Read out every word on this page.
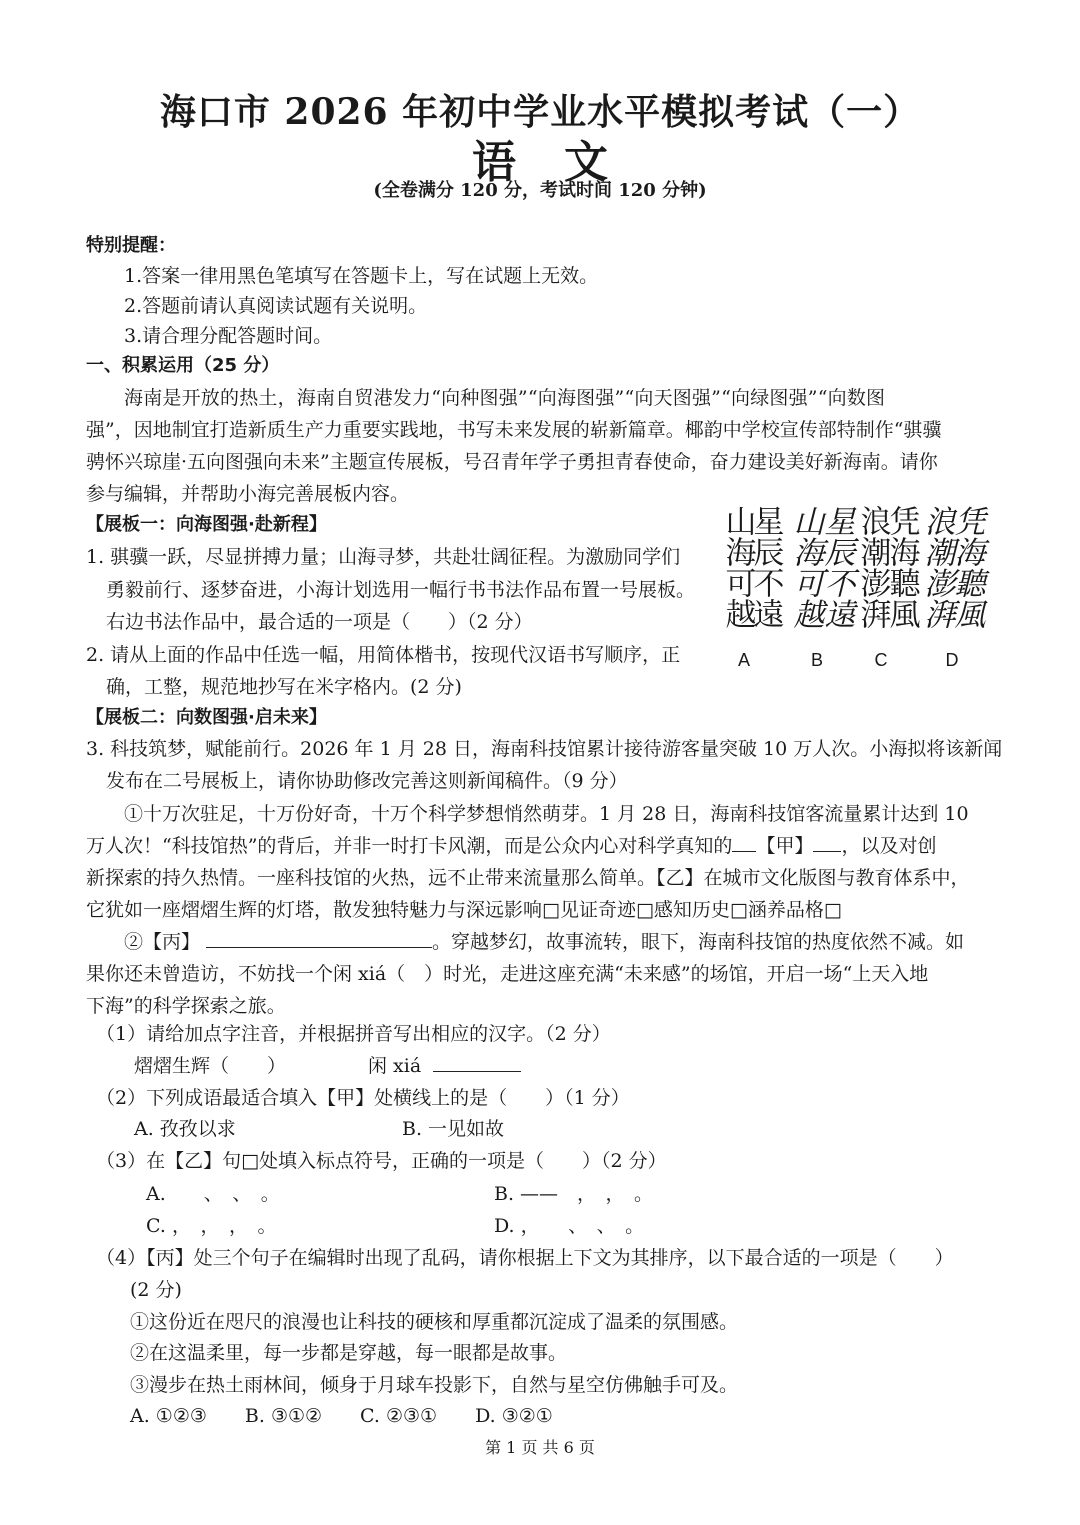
海口市 2026 年初中学业水平模拟考试（一）
语文
(全卷满分 120 分，考试时间 120 分钟)
特别提醒：
1.答案一律用黑色笔填写在答题卡上，写在试题上无效。
2.答题前请认真阅读试题有关说明。
3.请合理分配答题时间。
一、积累运用（25 分）
海南是开放的热土，海南自贸港发力“向种图强”“向海图强”“向天图强”“向绿图强”“向数图
强”，因地制宜打造新质生产力重要实践地，书写未来发展的崭新篇章。椰韵中学校宣传部特制作“骐骥
骋怀兴琼崖·五向图强向未来”主题宣传展板，号召青年学子勇担青春使命，奋力建设美好新海南。请你
参与编辑，并帮助小海完善展板内容。
【展板一：向海图强·赴新程】
1. 骐骥一跃，尽显拼搏力量；山海寻梦，共赴壮阔征程。为激励同学们
勇毅前行、逐梦奋进，小海计划选用一幅行书书法作品布置一号展板。
右边书法作品中，最合适的一项是（　　）（2 分）
2. 请从上面的作品中任选一幅，用简体楷书，按现代汉语书写顺序，正
确，工整，规范地抄写在米字格内。(2 分)
山海可越
星辰不遠 山海可越
星辰不遠 浪潮澎湃
凭海聽風 浪潮澎湃
凭海聽風
A	B	C	D
【展板二：向数图强·启未来】
3. 科技筑梦，赋能前行。2026 年 1 月 28 日，海南科技馆累计接待游客量突破 10 万人次。小海拟将该新闻
发布在二号展板上，请你协助修改完善这则新闻稿件。（9 分）
①十万次驻足，十万份好奇，十万个科学梦想悄然萌芽。1 月 28 日，海南科技馆客流量累计达到 10
万人次！“科技馆热”的背后，并非一时打卡风潮，而是公众内心对科学真知的 【甲】 ，以及对创
新探索的持久热情。一座科技馆的火热，远不止带来流量那么简单。【乙】在城市文化版图与教育体系中，
它犹如一座熠熠生辉的灯塔，散发独特魅力与深远影响□见证奇迹□感知历史□涵养品格□
②【丙】	。穿越梦幻，故事流转，眼下，海南科技馆的热度依然不减。如
果你还未曾造访，不妨找一个闲 xiá（　）时光，走进这座充满“未来感”的场馆，开启一场“上天入地
下海”的科学探索之旅。
（1）请给加点字注音，并根据拼音写出相应的汉字。（2 分）
熠熠生辉（　　）	闲 xiá
（2）下列成语最适合填入【甲】处横线上的是（　　）（1 分）
A. 孜孜以求	B. 一见如故
（3）在【乙】句□处填入标点符号，正确的一项是（　　）（2 分）
A.　　、　、　。	B. ——　，　，　。
C. ，　，　，　。	D. ，　　、　、　。
（4）【丙】处三个句子在编辑时出现了乱码，请你根据上下文为其排序，以下最合适的一项是（　　）
(2 分)
①这份近在咫尺的浪漫也让科技的硬核和厚重都沉淀成了温柔的氛围感。
②在这温柔里，每一步都是穿越，每一眼都是故事。
③漫步在热土雨林间，倾身于月球车投影下，自然与星空仿佛触手可及。
A. ①②③　　B. ③①②　　C. ②③①　　D. ③②①
第 1 页 共 6 页
